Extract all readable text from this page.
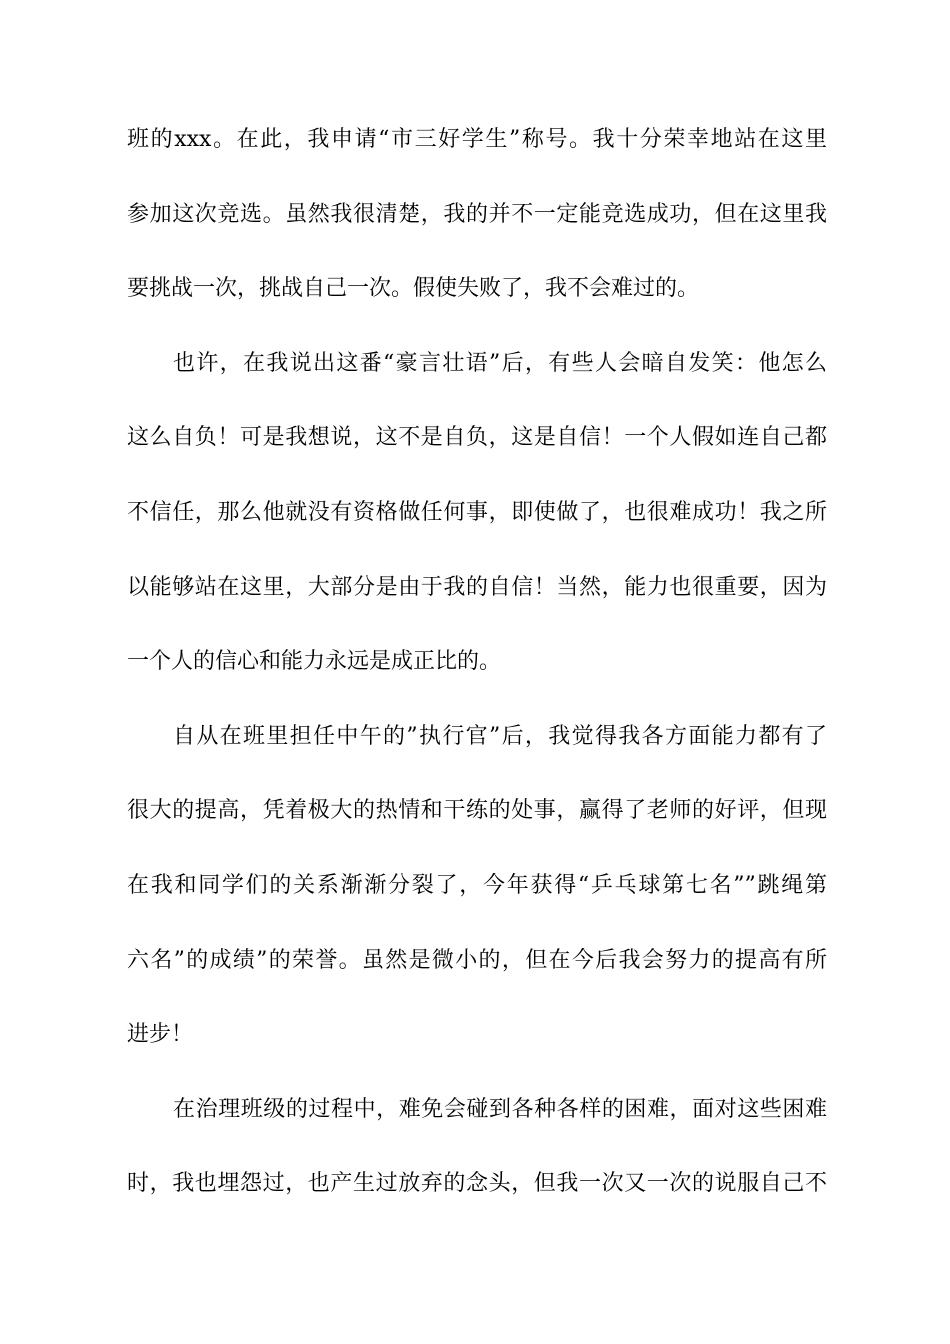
班的xxx。在此，我申请“市三好学生”称号。我十分荣幸地站在这里
参加这次竞选。虽然我很清楚，我的并不一定能竞选成功，但在这里我
要挑战一次，挑战自己一次。假使失败了，我不会难过的。
也许，在我说出这番“豪言壮语”后，有些人会暗自发笑：他怎么
这么自负！可是我想说，这不是自负，这是自信！一个人假如连自己都
不信任，那么他就没有资格做任何事，即使做了，也很难成功！我之所
以能够站在这里，大部分是由于我的自信！当然，能力也很重要，因为
一个人的信心和能力永远是成正比的。
自从在班里担任中午的”执行官”后，我觉得我各方面能力都有了
很大的提高，凭着极大的热情和干练的处事，赢得了老师的好评，但现
在我和同学们的关系渐渐分裂了，今年获得“乒乓球第七名””跳绳第
六名”的成绩”的荣誉。虽然是微小的，但在今后我会努力的提高有所
进步！
在治理班级的过程中，难免会碰到各种各样的困难，面对这些困难
时，我也埋怨过，也产生过放弃的念头，但我一次又一次的说服自己不
